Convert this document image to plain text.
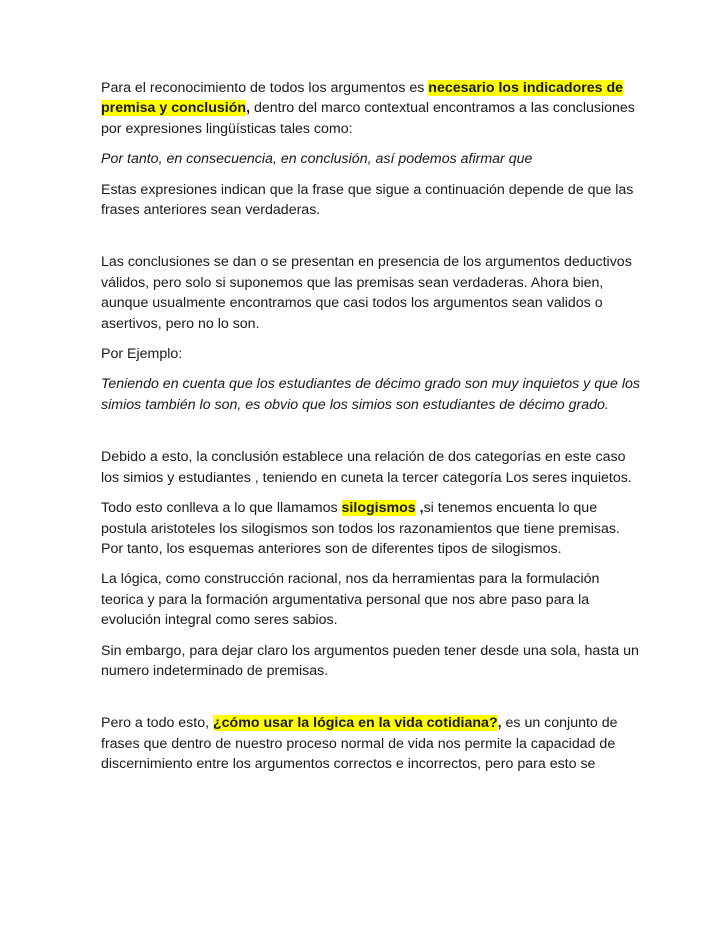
Para el reconocimiento de todos los argumentos es necesario los indicadores de premisa y conclusión, dentro del marco contextual encontramos a las conclusiones por expresiones lingüísticas tales como:

Por tanto, en consecuencia, en conclusión, así podemos afirmar que

Estas expresiones indican que la frase que sigue a continuación depende de que las frases anteriores sean verdaderas.

Las conclusiones se dan o se presentan en presencia de los argumentos deductivos válidos, pero solo si suponemos que las premisas sean verdaderas. Ahora bien, aunque usualmente encontramos que casi todos los argumentos sean validos o asertivos, pero no lo son.

Por Ejemplo:

Teniendo en cuenta que los estudiantes de décimo grado son muy inquietos y que los simios también lo son, es obvio que los simios son estudiantes de décimo grado.

Debido a esto, la conclusión establece una relación de dos categorías en este caso los simios y estudiantes , teniendo en cuneta la tercer categoría Los seres inquietos.

Todo esto conlleva a lo que llamamos silogismos ,si tenemos encuenta lo que postula aristoteles los silogismos son todos los razonamientos que tiene premisas. Por tanto, los esquemas anteriores son de diferentes tipos de silogismos.

La lógica, como construcción racional, nos da herramientas para la formulación teorica y para la formación argumentativa personal que nos abre paso para la evolución integral como seres sabios.

Sin embargo, para dejar claro los argumentos pueden tener desde una sola, hasta un numero indeterminado de premisas.

Pero a todo esto, ¿cómo usar la lógica en la vida cotidiana?, es un conjunto de frases que dentro de nuestro proceso normal de vida nos permite la capacidad de discernimiento entre los argumentos correctos e incorrectos, pero para esto se
